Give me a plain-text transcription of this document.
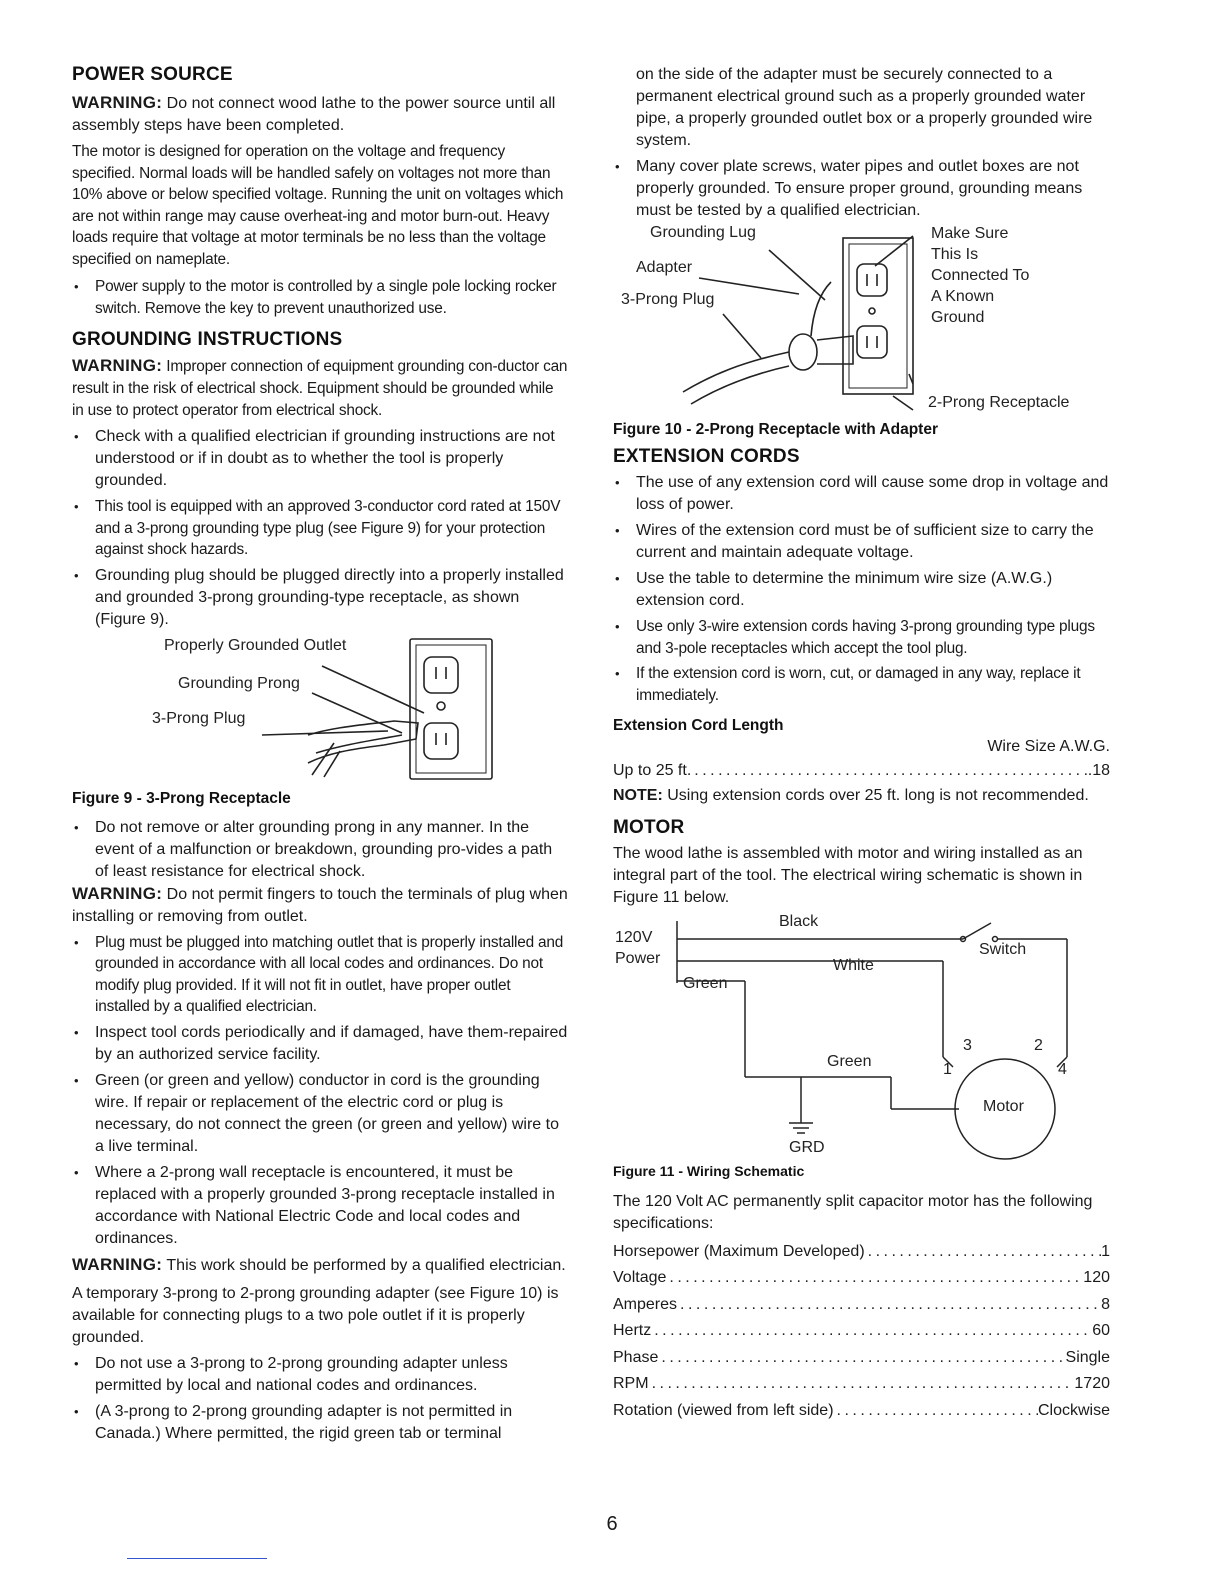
POWER SOURCE

WARNING: Do not connect wood lathe to the power source until all assembly steps have been completed.

The motor is designed for operation on the voltage and frequency specified. Normal loads will be handled safely on voltages not more than 10% above or below specified voltage. Running the unit on voltages which are not within range may cause overheat-ing and motor burn-out. Heavy loads require that voltage at motor terminals be no less than the voltage specified on nameplate.

• Power supply to the motor is controlled by a single pole locking rocker switch. Remove the key to prevent unauthorized use.
GROUNDING INSTRUCTIONS

WARNING: Improper connection of equipment grounding con-ductor can result in the risk of electrical shock. Equipment should be grounded while in use to protect operator from electrical shock.

• Check with a qualified electrician if grounding instructions are not understood or if in doubt as to whether the tool is properly grounded.
• This tool is equipped with an approved 3-conductor cord rated at 150V and a 3-prong grounding type plug (see Figure 9) for your protection against shock hazards.
• Grounding plug should be plugged directly into a properly installed and grounded 3-prong grounding-type receptacle, as shown (Figure 9).
Properly Grounded Outlet
Grounding Prong
3-Prong Plug

Figure 9 - 3-Prong Receptacle

• Do not remove or alter grounding prong in any manner. In the event of a malfunction or breakdown, grounding pro-vides a path of least resistance for electrical shock.

WARNING: Do not permit fingers to touch the terminals of plug when installing or removing from outlet.

• Plug must be plugged into matching outlet that is properly installed and grounded in accordance with all local codes and ordinances. Do not modify plug provided. If it will not fit in outlet, have proper outlet installed by a qualified electrician.
• Inspect tool cords periodically and if damaged, have them-repaired by an authorized service facility.
• Green (or green and yellow) conductor in cord is the grounding wire. If repair or replacement of the electric cord or plug is necessary, do not connect the green (or green and yellow) wire to a live terminal.
• Where a 2-prong wall receptacle is encountered, it must be replaced with a properly grounded 3-prong receptacle installed in accordance with National Electric Code and local codes and ordinances.

WARNING: This work should be performed by a qualified electrician.

A temporary 3-prong to 2-prong grounding adapter (see Figure 10) is available for connecting plugs to a two pole outlet if it is properly grounded.

• Do not use a 3-prong to 2-prong grounding adapter unless permitted by local and national codes and ordinances.
• (A 3-prong to 2-prong grounding adapter is not permitted in Canada.) Where permitted, the rigid green tab or terminal

on the side of the adapter must be securely connected to a permanent electrical ground such as a properly grounded water pipe, a properly grounded outlet box or a properly grounded wire system.

• Many cover plate screws, water pipes and outlet boxes are not properly grounded. To ensure proper ground, grounding means must be tested by a qualified electrician.
Grounding Lug
Adapter
3-Prong Plug
Make Sure
This Is
Connected To
A Known
Ground
2-Prong Receptacle

Figure 10 - 2-Prong Receptacle with Adapter

EXTENSION CORDS
• The use of any extension cord will cause some drop in voltage and loss of power.
• Wires of the extension cord must be of sufficient size to carry the current and maintain adequate voltage.
• Use the table to determine the minimum wire size (A.W.G.) extension cord.
• Use only 3-wire extension cords having 3-prong grounding type plugs and 3-pole receptacles which accept the tool plug.
• If the extension cord is worn, cut, or damaged in any way, replace it immediately.

Extension Cord Length

Wire Size A.W.G.

Up to 25 ft. .....	.18

NOTE: Using extension cords over 25 ft. long is not recommended.

MOTOR

The wood lathe is assembled with motor and wiring installed as an integral part of the tool. The electrical wiring schematic is shown in Figure 11 below.

Black
120V
Power
Switch
White
Green
Green
3	2
1	4
Motor
GRD

Figure 11 - Wiring Schematic

The 120 Volt AC permanently split capacitor motor has the following specifications:

Horsepower (Maximum Developed) .....	1
Voltage .....	120
Amperes .....	8
Hertz .....	60
Phase .....	Single
RPM .....	1720
Rotation (viewed from left side) .....	Clockwise
6
